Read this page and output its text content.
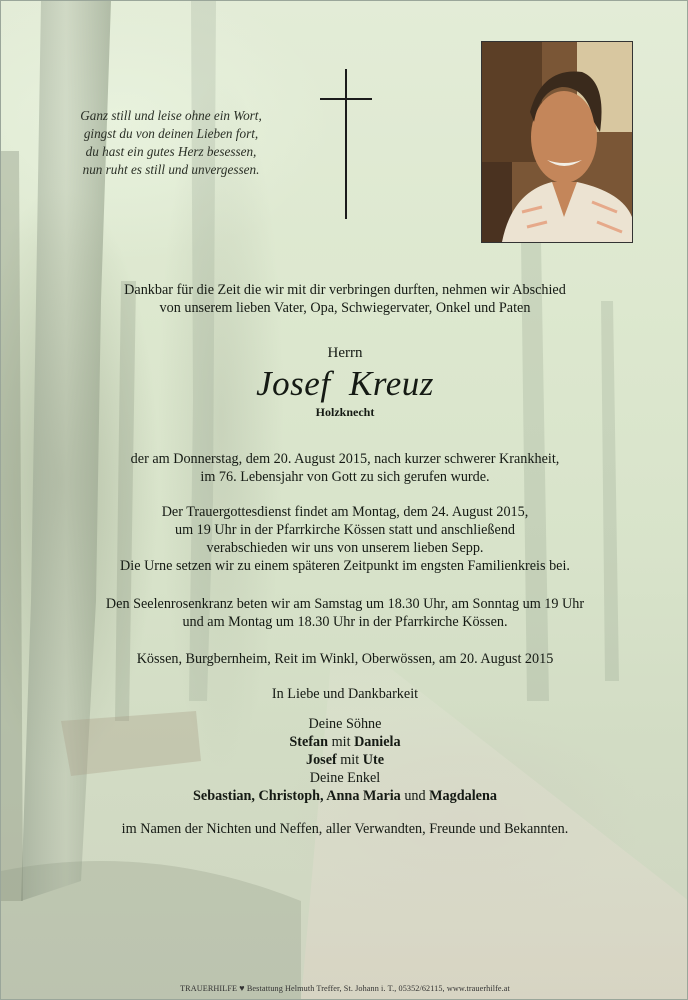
Ganz still und leise ohne ein Wort,
gingst du von deinen Lieben fort,
du hast ein gutes Herz besessen,
nun ruht es still und unvergessen.
Dankbar für die Zeit die wir mit dir verbringen durften, nehmen wir Abschied
von unserem lieben Vater, Opa, Schwiegervater, Onkel und Paten
Herrn
Josef Kreuz
Holzknecht
der am Donnerstag, dem 20. August 2015, nach kurzer schwerer Krankheit,
im 76. Lebensjahr von Gott zu sich gerufen wurde.
Der Trauergottesdienst findet am Montag, dem 24. August 2015,
um 19 Uhr in der Pfarrkirche Kössen statt und anschließend
verabschieden wir uns von unserem lieben Sepp.
Die Urne setzen wir zu einem späteren Zeitpunkt im engsten Familienkreis bei.
Den Seelenrosenkranz beten wir am Samstag um 18.30 Uhr, am Sonntag um 19 Uhr
und am Montag um 18.30 Uhr in der Pfarrkirche Kössen.
Kössen, Burgbernheim, Reit im Winkl, Oberwössen, am 20. August 2015
In Liebe und Dankbarkeit
Deine Söhne
Stefan mit Daniela
Josef mit Ute
Deine Enkel
Sebastian, Christoph, Anna Maria und Magdalena
im Namen der Nichten und Neffen, aller Verwandten, Freunde und Bekannten.
TRAUERHILFE ♥ Bestattung Helmuth Treffer, St. Johann i. T., 05352/62115, www.trauerhilfe.at
